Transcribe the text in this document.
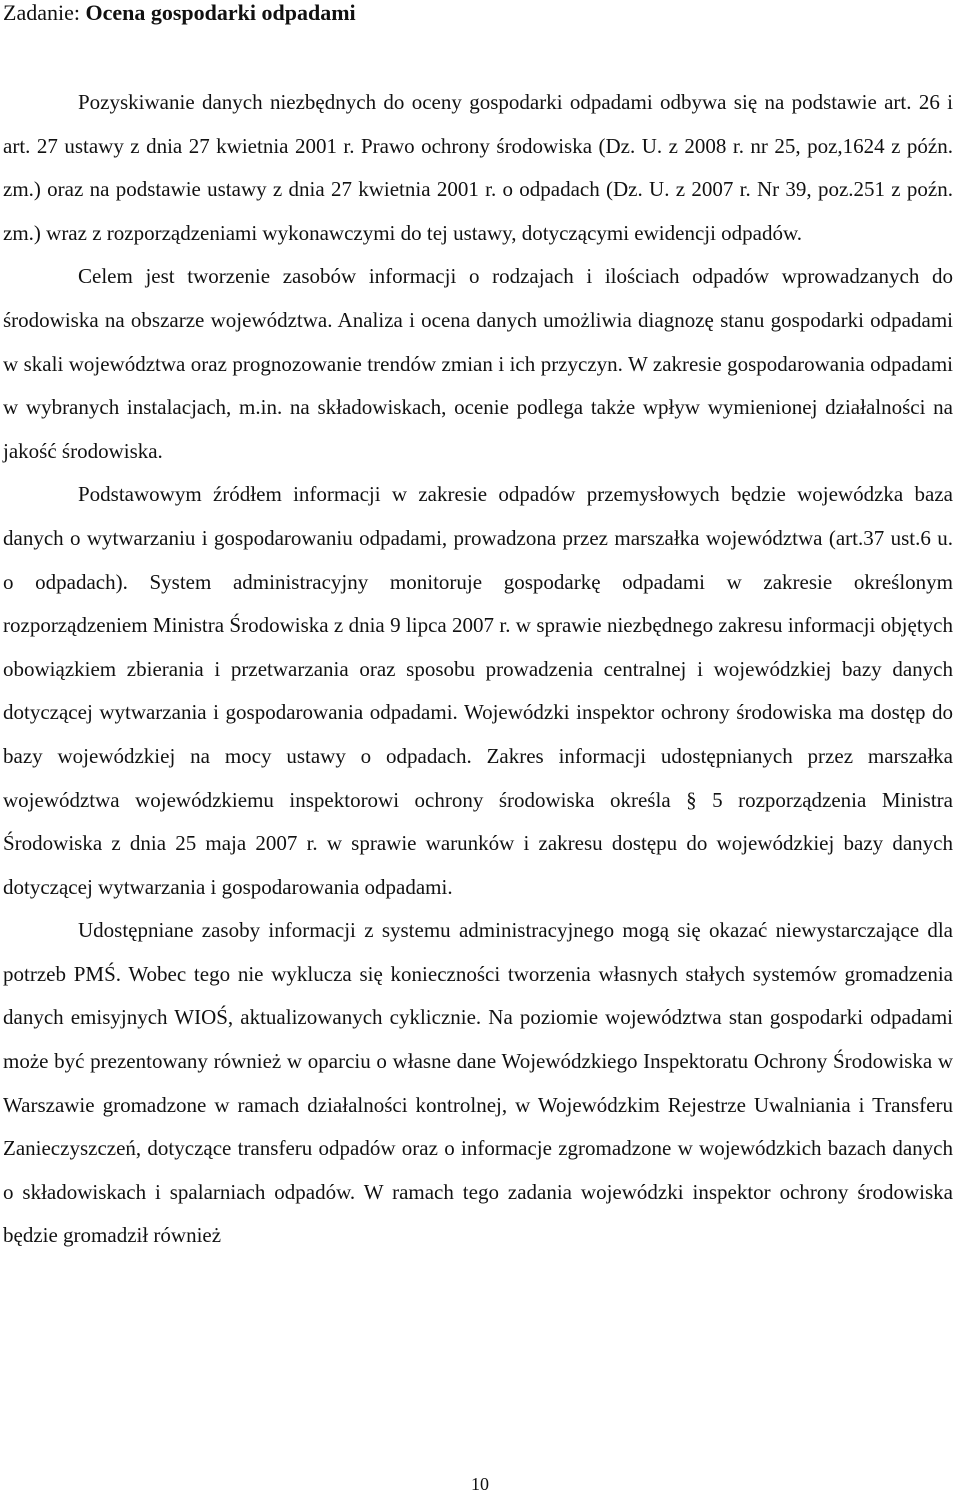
Zadanie: Ocena gospodarki odpadami

Pozyskiwanie danych niezbędnych do oceny gospodarki odpadami odbywa się na podstawie art. 26 i art. 27 ustawy z dnia 27 kwietnia 2001 r. Prawo ochrony środowiska (Dz. U. z 2008 r. nr 25, poz,1624 z późn. zm.) oraz na podstawie ustawy z dnia 27 kwietnia 2001 r. o odpadach (Dz. U. z 2007 r. Nr 39, poz.251 z poźn. zm.) wraz z rozporządzeniami wykonawczymi do tej ustawy, dotyczącymi ewidencji odpadów.

Celem jest tworzenie zasobów informacji o rodzajach i ilościach odpadów wprowadzanych do środowiska na obszarze województwa. Analiza i ocena danych umożliwia diagnozę stanu gospodarki odpadami w skali województwa oraz prognozowanie trendów zmian i ich przyczyn. W zakresie gospodarowania odpadami w wybranych instalacjach, m.in. na składowiskach, ocenie podlega także wpływ wymienionej działalności na jakość środowiska.

Podstawowym źródłem informacji w zakresie odpadów przemysłowych będzie wojewódzka baza danych o wytwarzaniu i gospodarowaniu odpadami, prowadzona przez marszałka województwa (art.37 ust.6 u. o odpadach). System administracyjny monitoruje gospodarkę odpadami w zakresie określonym rozporządzeniem Ministra Środowiska z dnia 9 lipca 2007 r. w sprawie niezbędnego zakresu informacji objętych obowiązkiem zbierania i przetwarzania oraz sposobu prowadzenia centralnej i wojewódzkiej bazy danych dotyczącej wytwarzania i gospodarowania odpadami. Wojewódzki inspektor ochrony środowiska ma dostęp do bazy wojewódzkiej na mocy ustawy o odpadach. Zakres informacji udostępnianych przez marszałka województwa wojewódzkiemu inspektorowi ochrony środowiska określa § 5 rozporządzenia Ministra Środowiska z dnia 25 maja 2007 r. w sprawie warunków i zakresu dostępu do wojewódzkiej bazy danych dotyczącej wytwarzania i gospodarowania odpadami.

Udostępniane zasoby informacji z systemu administracyjnego mogą się okazać niewystarczające dla potrzeb PMŚ. Wobec tego nie wyklucza się konieczności tworzenia własnych stałych systemów gromadzenia danych emisyjnych WIOŚ, aktualizowanych cyklicznie. Na poziomie województwa stan gospodarki odpadami może być prezentowany również w oparciu o własne dane Wojewódzkiego Inspektoratu Ochrony Środowiska w Warszawie gromadzone w ramach działalności kontrolnej, w Wojewódzkim Rejestrze Uwalniania i Transferu Zanieczyszczeń, dotyczące transferu odpadów oraz o informacje zgromadzone w wojewódzkich bazach danych o składowiskach i spalarniach odpadów. W ramach tego zadania wojewódzki inspektor ochrony środowiska będzie gromadził również

10
